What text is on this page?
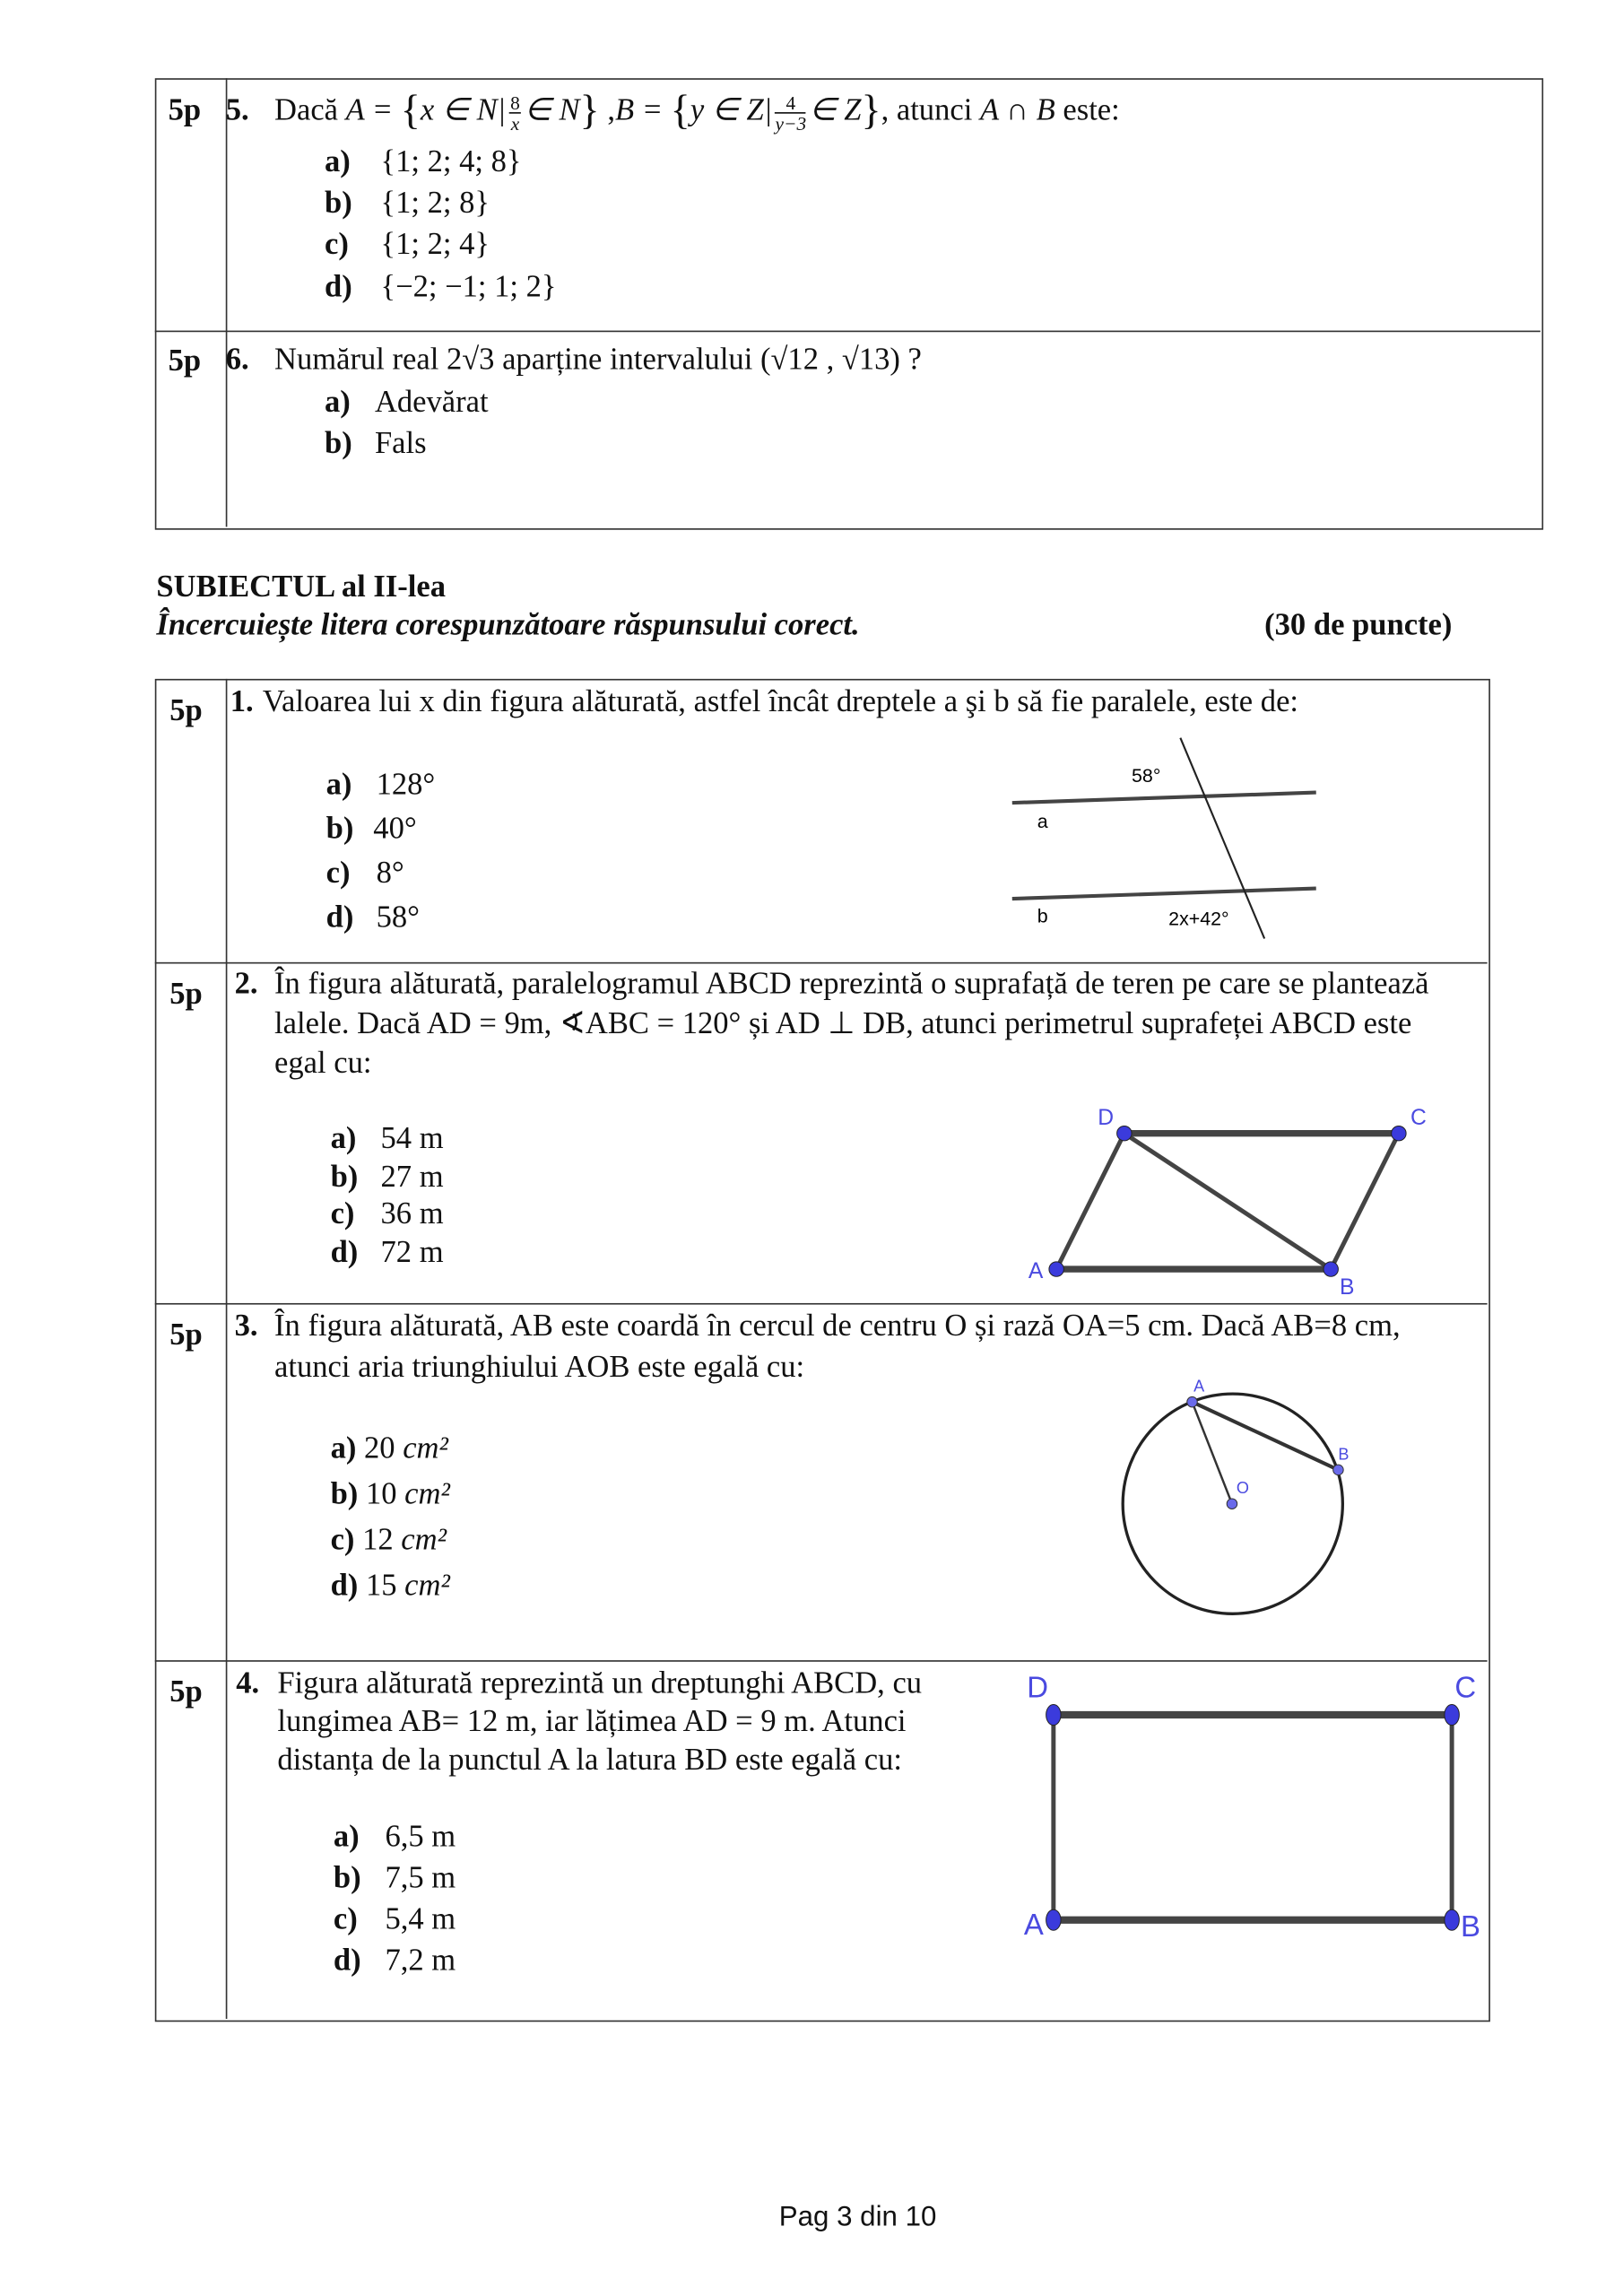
5p 5. Dacă A = {x ∈ $N| \frac{8}{x}$ ∈ N} ,B = {y ∈ $Z| \frac{4}{y-3}$ ∈ Z}, atunci A ∩ B este:
a) {1; 2; 4; 8}
b) {1; 2; 8}
c) {1; 2; 4}
d) {−2; −1; 1; 2}
5p 6. Numărul real 2√3 aparține intervalului (√12 , √13) ?
a) Adevărat
b) Fals
SUBIECTUL al II-lea
Încercuiește litera corespunzătoare răspunsului corect.	(30 de puncte)
5p 1. Valoarea lui x din figura alăturată, astfel încât dreptele a şi b să fie paralele, este de:
a) 128°
b) 40°
c) 8°
d) 58°
58°
a
b	2x+42°
5p 2. În figura alăturată, paralelogramul ABCD reprezintă o suprafață de teren pe care se plantează
lalele. Dacă AD = 9m, ∢ABC = 120° și AD ⊥ DB, atunci perimetrul suprafeței ABCD este
egal cu:
a) 54 m
b) 27 m
c) 36 m
d) 72 m
D	C
A
B
5p 3. În figura alăturată, AB este coardă în cercul de centru O și rază OA=5 cm. Dacă AB=8 cm,
atunci aria triunghiului AOB este egală cu:
a) 20 cm²
b) 10 cm²
c) 12 cm²
d) 15 cm²
A
B
O
5p 4. Figura alăturată reprezintă un dreptunghi ABCD, cu
lungimea AB= 12 m, iar lățimea AD = 9 m. Atunci
distanța de la punctul A la latura BD este egală cu:
a) 6,5 m
b) 7,5 m
c) 5,4 m
d) 7,2 m
D	C
A	B
Pag 3 din 10
